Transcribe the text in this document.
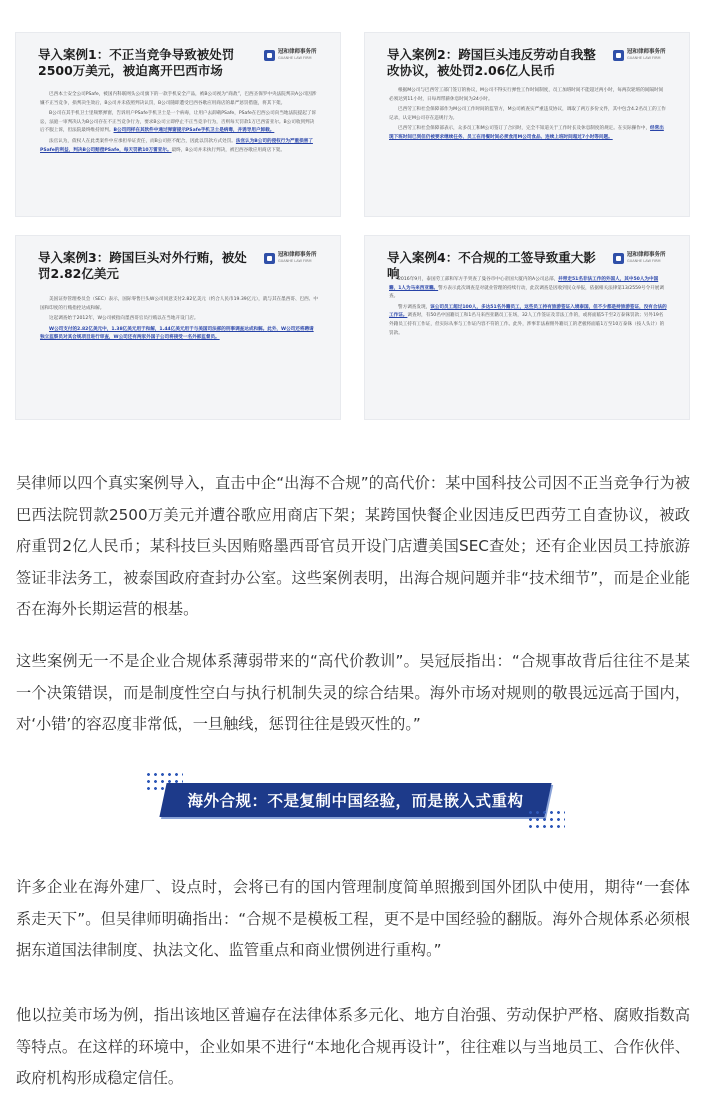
导入案例1：不正当竞争导致被处罚2500万美元，被迫离开巴西市场
冠和律师事务所
GUANHE LAW FIRM

巴西本土安全公司PSafe，被国内科联网头公司旗下的一款手机安全产品，被B公司视为“商敌”，巴西圣保罗中央法院判决A公司因涉嫌不正当竞争，损判决生效后，B公司并未依照判决认罚，B公司随即遭受巴西谷歌应用商店的暴严惩罚措施，将其下架。

B公司在其手机卫士里频繁弹窗，告诉用户PSafe手机卫士是一个病毒，让用户去卸载PSafe，PSafe在巴西公司向当地法院提起了诉讼，法庭一审判决认为B公司存在不正当竞争行为，要求B公司立即停止不正当竞争行为，否则每天罚款1万巴西雷亚尔。B公司收到判决后不服上诉，但法院最终维持原判。B公司同样在其软件中通过弹窗提示PSafe手机卫士是病毒，并诱导用户卸载。

法官认为，债权人在此类案件中应承担举证责任，而B公司拒不配合，因此以罚款方式处罚。法官认为B公司的侵权行为严重损害了PSafe的利益，判决B公司赔偿PSafe，每天罚款10万雷亚尔。最终，B公司并未执行判决，被巴西谷歌应用商店下架。

导入案例2：跨国巨头违反劳动自我整改协议，被处罚2.06亿人民币
冠和律师事务所
GUANHE LAW FIRM

根据M公司与巴西劳工部门签订的协议，M公司不得实行弹性工作时间制度，员工加班时间不能超过两小时，每两次轮班的间隔时间必须达到11小时，日每周带薪休息时间为24小时。

巴西劳工和社会保障部作为M公司工作时间的监管方，M公司被查实严重违反协议，调取了两万多份文件，其中包含4.2名员工的工作记录，认定M公司存在违规行为。

巴西劳工和社会保障部表示，众多员工和M公司签订了合同时，完全不知道关于工作时长及休息制度的规定。在实际操作中，经常出现下班时间已到但仍被要求继续任务、员工在用餐时间必须食用M公司食品、连续上班时间超过7小时等问题。

导入案例3：跨国巨头对外行贿，被处罚2.82亿美元
冠和律师事务所
GUANHE LAW FIRM

美国证券管理委员会（SEC）表示，国际零售巨头W公司同意支付2.82亿美元（约合人民币19.39亿元），就与其在墨西哥、巴西、中国和印度的行贿指控达成和解。

这起调查始于2012年，W公司被指向墨西哥官员行贿以在当地开设门店。

W公司支付的2.82亿美元中，1.38亿美元用于和解，1.44亿美元用于与美国司法部的刑事调查达成和解。此外，W公司还将聘请独立监察员对其合规项目进行审查，W公司还有两家外国子公司将接受一名外部监督员。

导入案例4：不合规的工签导致重大影响
冠和律师事务所
GUANHE LAW FIRM

2016年9月，泰国劳工部和军方手突查了曼谷市中心帝国大厦内的A公司总部，并带走51名非法工作的外国人，其中50人为中国籍，1人为马来西亚籍。警方表示此次调查是对就业管理的持续行动，此次调查是因收到民众举报，依据相关法律第13/2559号令开展调查。

警方调查发现，该公司员工超过100人，多达51名外籍员工，这些员工持有旅游签证入境泰国，但不少都是持旅游签证，没有合法的工作证。调查时，有50名中国籍员工和1名马来西亚籍员工在场，32人工作签证及非法工作的，或将面临5千至2万泰铢罚款；另外19名外籍员工持有工作证，但实际从事与工作证内容不符的工作。此外，涉事非法雇佣外籍员工的老板将面临1万至10万泰铢（按人头计）的罚款。

吴律师以四个真实案例导入，直击中企“出海不合规”的高代价：某中国科技公司因不正当竞争行为被巴西法院罚款2500万美元并遭谷歌应用商店下架；某跨国快餐企业因违反巴西劳工自查协议，被政府重罚2亿人民币；某科技巨头因贿赂墨西哥官员开设门店遭美国SEC查处；还有企业因员工持旅游签证非法务工，被泰国政府查封办公室。这些案例表明，出海合规问题并非“技术细节”，而是企业能否在海外长期运营的根基。

这些案例无一不是企业合规体系薄弱带来的“高代价教训”。吴冠辰指出：“合规事故背后往往不是某一个决策错误，而是制度性空白与执行机制失灵的综合结果。海外市场对规则的敬畏远远高于国内，对‘小错’的容忍度非常低，一旦触线，惩罚往往是毁灭性的。”

海外合规：不是复制中国经验，而是嵌入式重构

许多企业在海外建厂、设点时，会将已有的国内管理制度简单照搬到国外团队中使用，期待“一套体系走天下”。但吴律师明确指出：“合规不是模板工程，更不是中国经验的翻版。海外合规体系必须根据东道国法律制度、执法文化、监管重点和商业惯例进行重构。”

他以拉美市场为例，指出该地区普遍存在法律体系多元化、地方自治强、劳动保护严格、腐败指数高等特点。在这样的环境中，企业如果不进行“本地化合规再设计”，往往难以与当地员工、合作伙伴、政府机构形成稳定信任。
